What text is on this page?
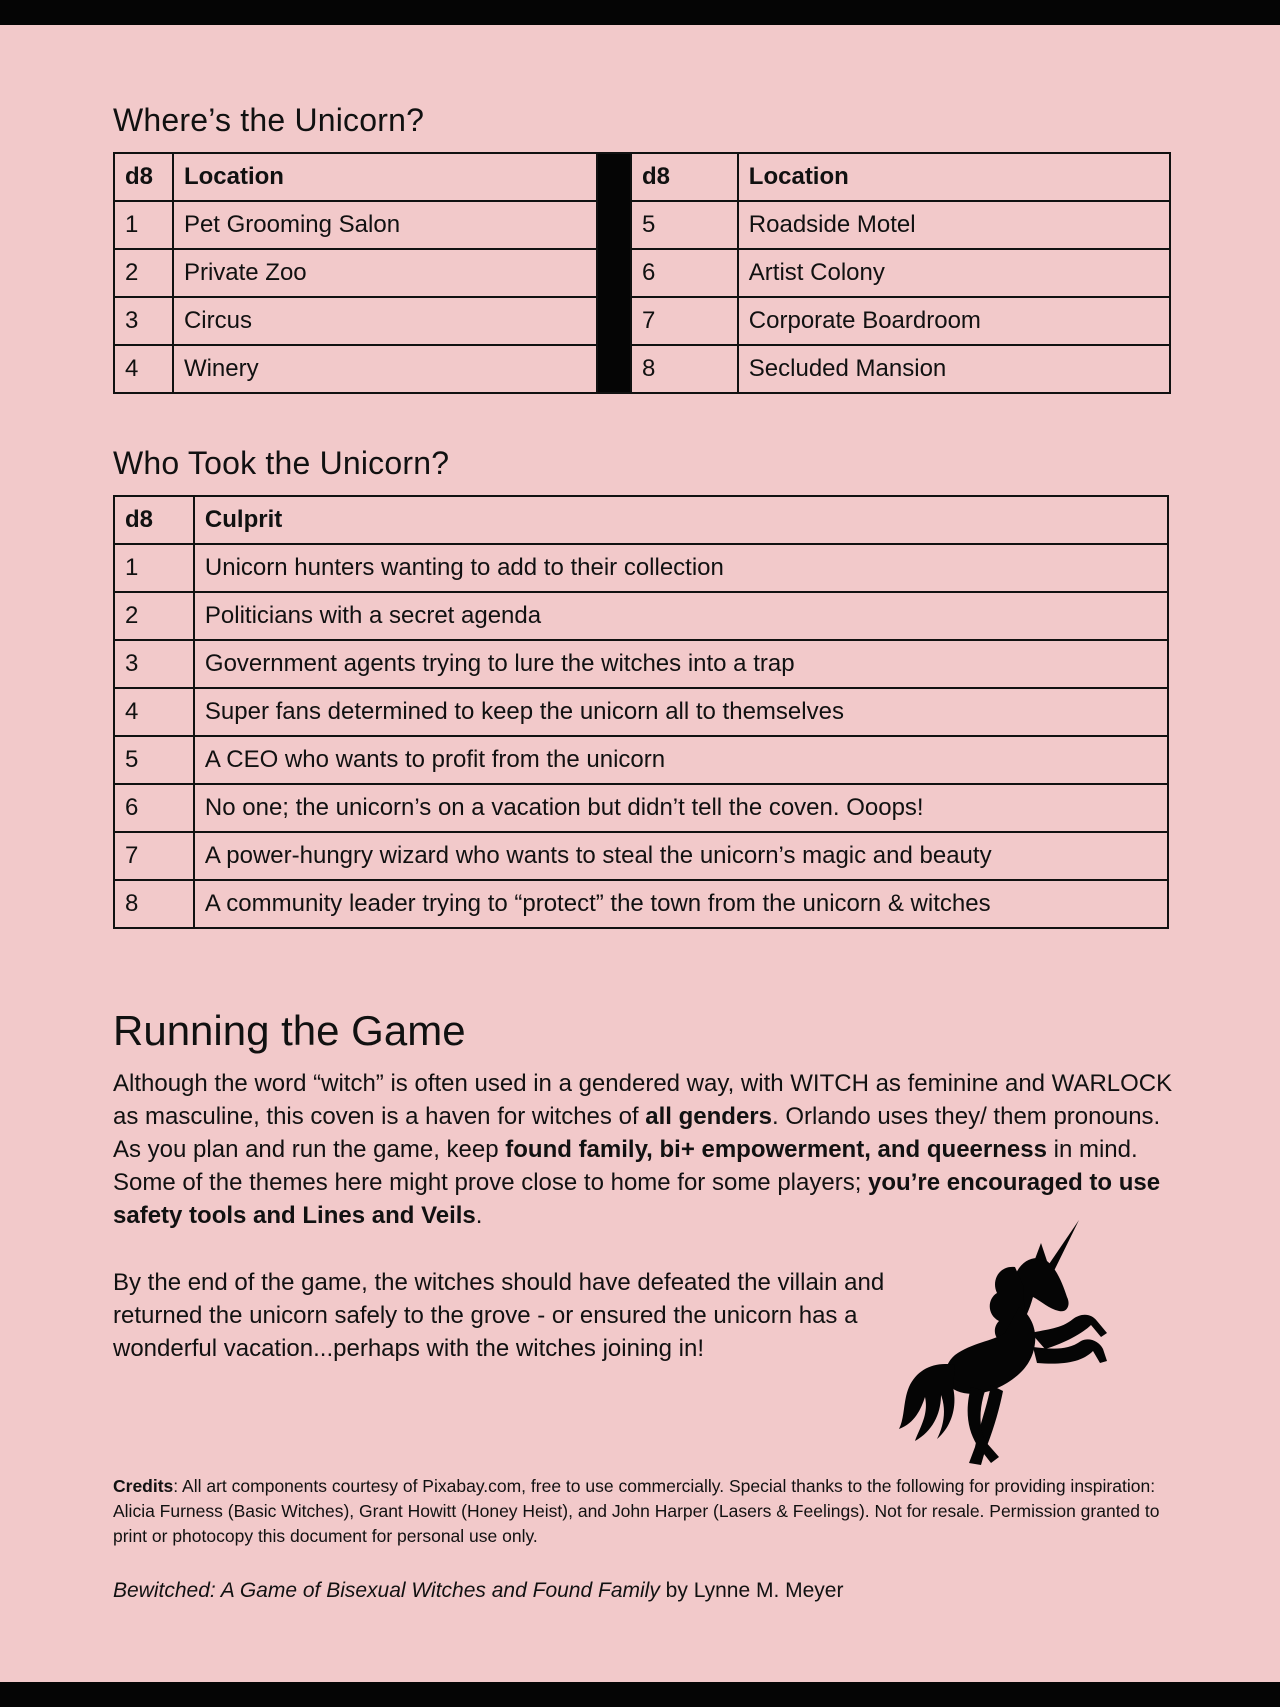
Where’s the Unicorn?
d8	Location		d8	Location
1	Pet Grooming Salon		5	Roadside Motel
2	Private Zoo		6	Artist Colony
3	Circus		7	Corporate Boardroom
4	Winery		8	Secluded Mansion
Who Took the Unicorn?
d8	Culprit
1	Unicorn hunters wanting to add to their collection
2	Politicians with a secret agenda
3	Government agents trying to lure the witches into a trap
4	Super fans determined to keep the unicorn all to themselves
5	A CEO who wants to profit from the unicorn
6	No one; the unicorn’s on a vacation but didn’t tell the coven. Ooops!
7	A power-hungry wizard who wants to steal the unicorn’s magic and beauty
8	A community leader trying to “protect” the town from the unicorn & witches
Running the Game

Although the word “witch” is often used in a gendered way, with WITCH as feminine and WARLOCK as masculine, this coven is a haven for witches of all genders. Orlando uses they/ them pronouns. As you plan and run the game, keep found family, bi+ empowerment, and queerness in mind. Some of the themes here might prove close to home for some players; you’re encouraged to use safety tools and Lines and Veils.

By the end of the game, the witches should have defeated the villain and returned the unicorn safely to the grove - or ensured the unicorn has a wonderful vacation...perhaps with the witches joining in!

Credits: All art components courtesy of Pixabay.com, free to use commercially. Special thanks to the following for providing inspiration: Alicia Furness (Basic Witches), Grant Howitt (Honey Heist), and John Harper (Lasers & Feelings). Not for resale. Permission granted to print or photocopy this document for personal use only.

Bewitched: A Game of Bisexual Witches and Found Family by Lynne M. Meyer
